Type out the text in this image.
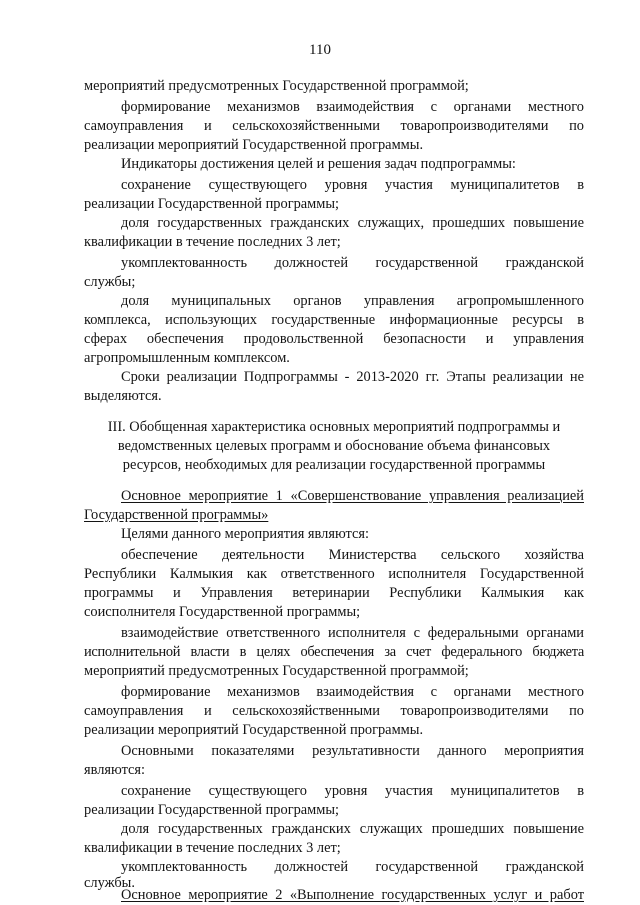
110
мероприятий предусмотренных Государственной программой;
формирование механизмов взаимодействия с органами местного
самоуправления и сельскохозяйственными товаропроизводителями по
реализации мероприятий Государственной программы.
Индикаторы достижения целей и решения задач подпрограммы:
сохранение существующего уровня участия муниципалитетов в
реализации Государственной программы;
доля государственных гражданских служащих, прошедших повышение
квалификации в течение последних 3 лет;
укомплектованность должностей государственной гражданской
службы;
доля муниципальных органов управления агропромышленного
комплекса, использующих государственные информационные ресурсы в
сферах обеспечения продовольственной безопасности и управления
агропромышленным комплексом.
Сроки реализации Подпрограммы - 2013-2020 гг. Этапы реализации не
выделяются.
III. Обобщенная характеристика основных мероприятий подпрограммы и
ведомственных целевых программ и обоснование объема финансовых
ресурсов, необходимых для реализации государственной программы
Основное мероприятие 1 «Совершенствование управления реализацией
Государственной программы»
Целями данного мероприятия являются:
обеспечение деятельности Министерства сельского хозяйства
Республики Калмыкия как ответственного исполнителя Государственной
программы и Управления ветеринарии Республики Калмыкия как
соисполнителя Государственной программы;
взаимодействие ответственного исполнителя с федеральными органами
исполнительной власти в целях обеспечения за счет федерального бюджета
мероприятий предусмотренных Государственной программой;
формирование механизмов взаимодействия с органами местного
самоуправления и сельскохозяйственными товаропроизводителями по
реализации мероприятий Государственной программы.
Основными показателями результативности данного мероприятия
являются:
сохранение существующего уровня участия муниципалитетов в
реализации Государственной программы;
доля государственных гражданских служащих прошедших повышение
квалификации в течение последних 3 лет;
укомплектованность должностей государственной гражданской
службы.
Основное мероприятие 2 «Выполнение государственных услуг и работ
